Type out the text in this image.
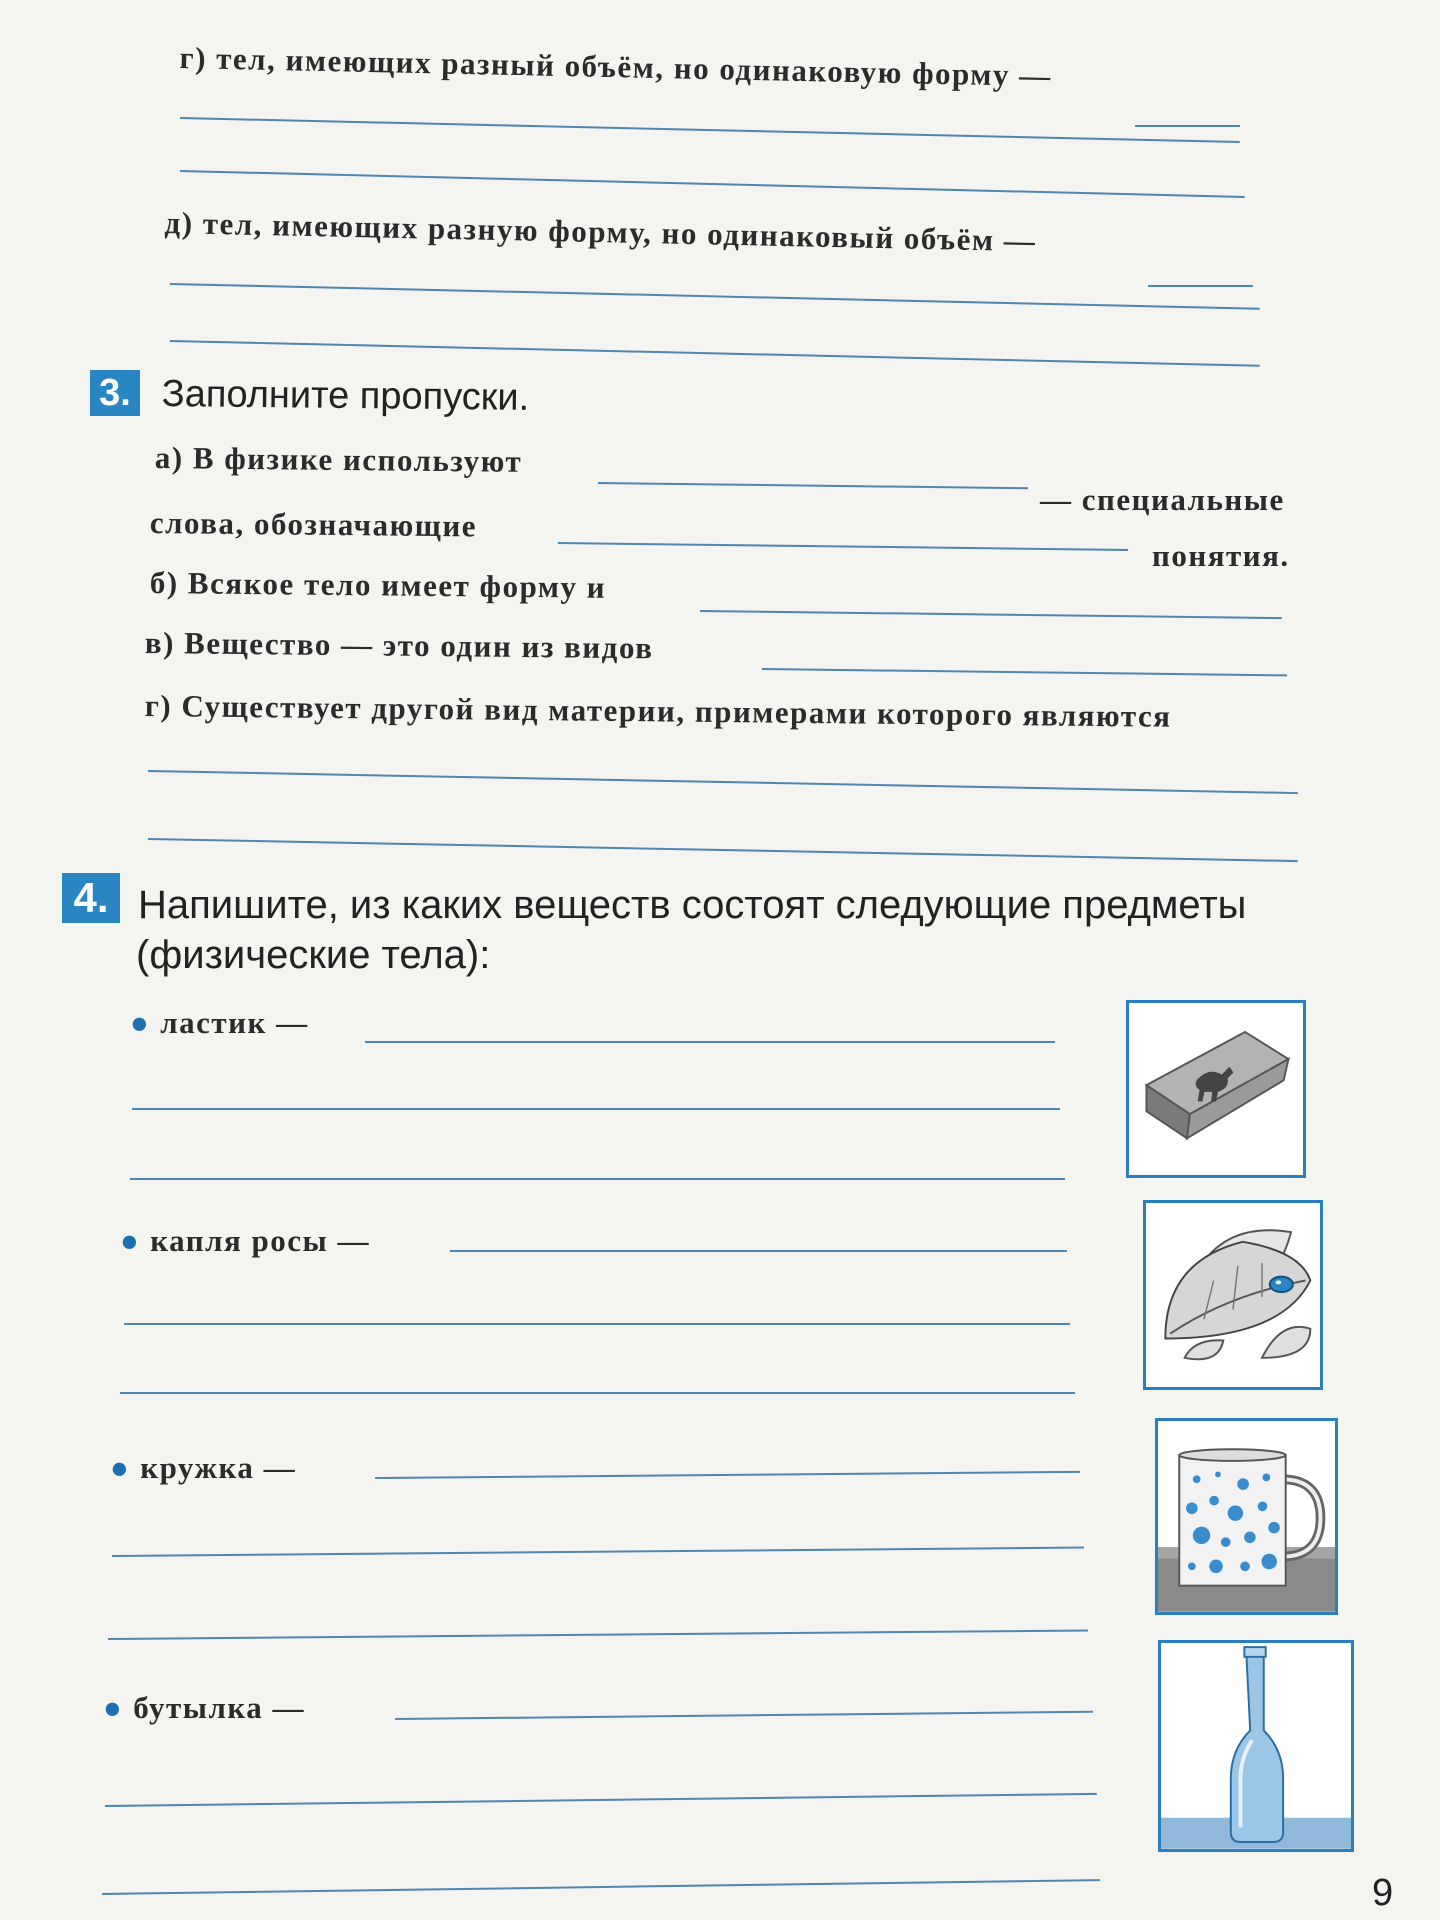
г) тел, имеющих разный объём, но одинаковую форму —
д) тел, имеющих разную форму, но одинаковый объём —
3. Заполните пропуски.
а) В физике используют
— специальные
слова, обозначающие
понятия.
б) Всякое тело имеет форму и
в) Вещество — это один из видов
г) Существует другой вид материи, примерами которого являются
4. Напишите, из каких веществ состоят следующие предметы
(физические тела):
● ластик —
● капля росы —
● кружка —
● бутылка —
9
